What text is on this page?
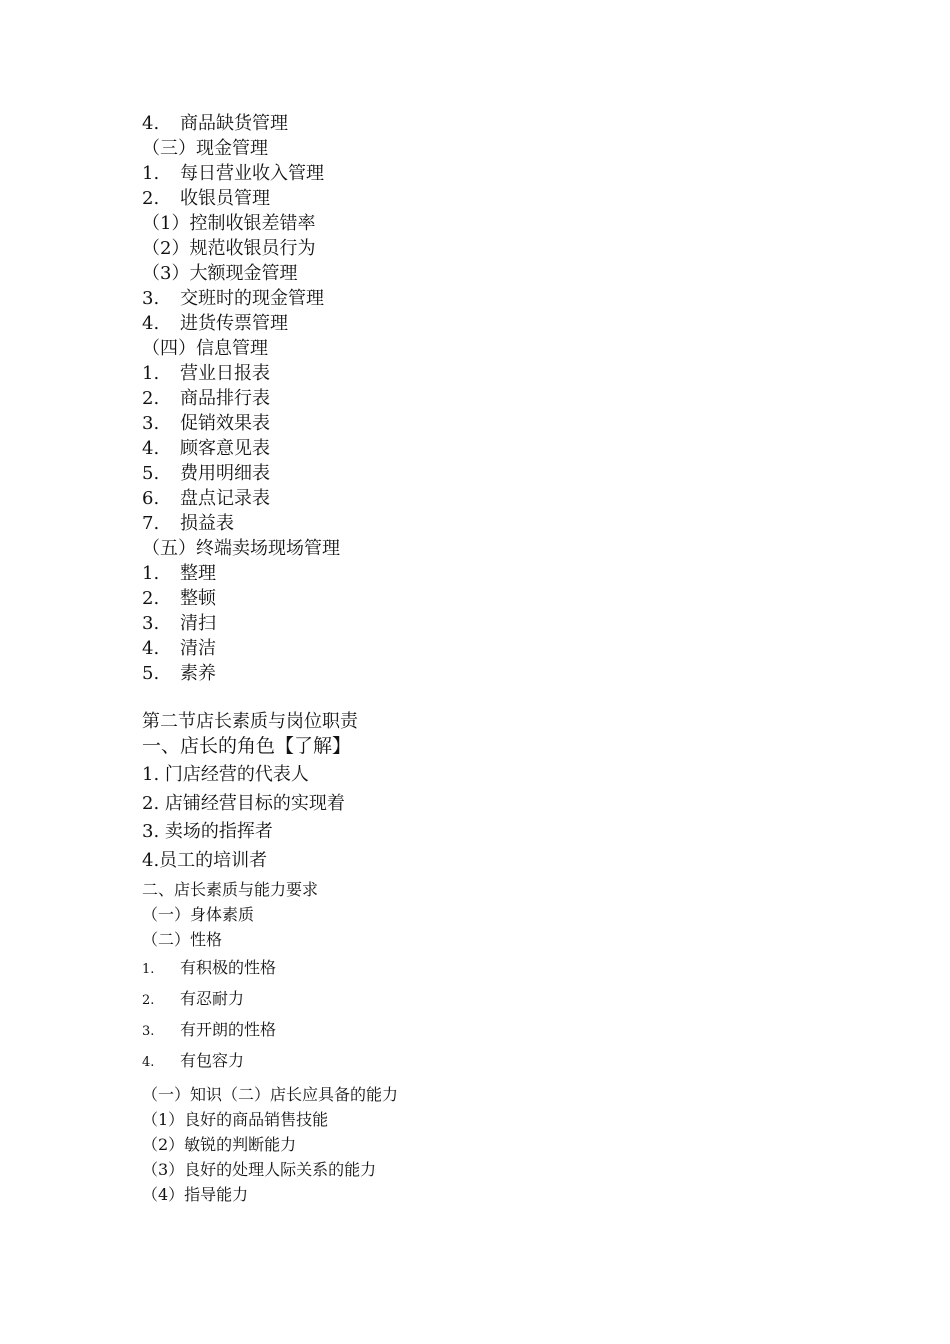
4. 商品缺货管理
（三）现金管理
1. 每日营业收入管理
2. 收银员管理
（1）控制收银差错率
（2）规范收银员行为
（3）大额现金管理
3. 交班时的现金管理
4. 进货传票管理
（四）信息管理
1. 营业日报表
2. 商品排行表
3. 促销效果表
4. 顾客意见表
5. 费用明细表
6. 盘点记录表
7. 损益表
（五）终端卖场现场管理
1. 整理
2. 整顿
3. 清扫
4. 清洁
5. 素养
第二节店长素质与岗位职责
一、店长的角色【了解】
1. 门店经营的代表人
2. 店铺经营目标的实现着
3. 卖场的指挥者
4.员工的培训者
二、店长素质与能力要求
（一）身体素质
（二）性格
1. 有积极的性格
2. 有忍耐力
3. 有开朗的性格
4. 有包容力
（一）知识（二）店长应具备的能力
（1）良好的商品销售技能
（2）敏锐的判断能力
（3）良好的处理人际关系的能力
（4）指导能力
